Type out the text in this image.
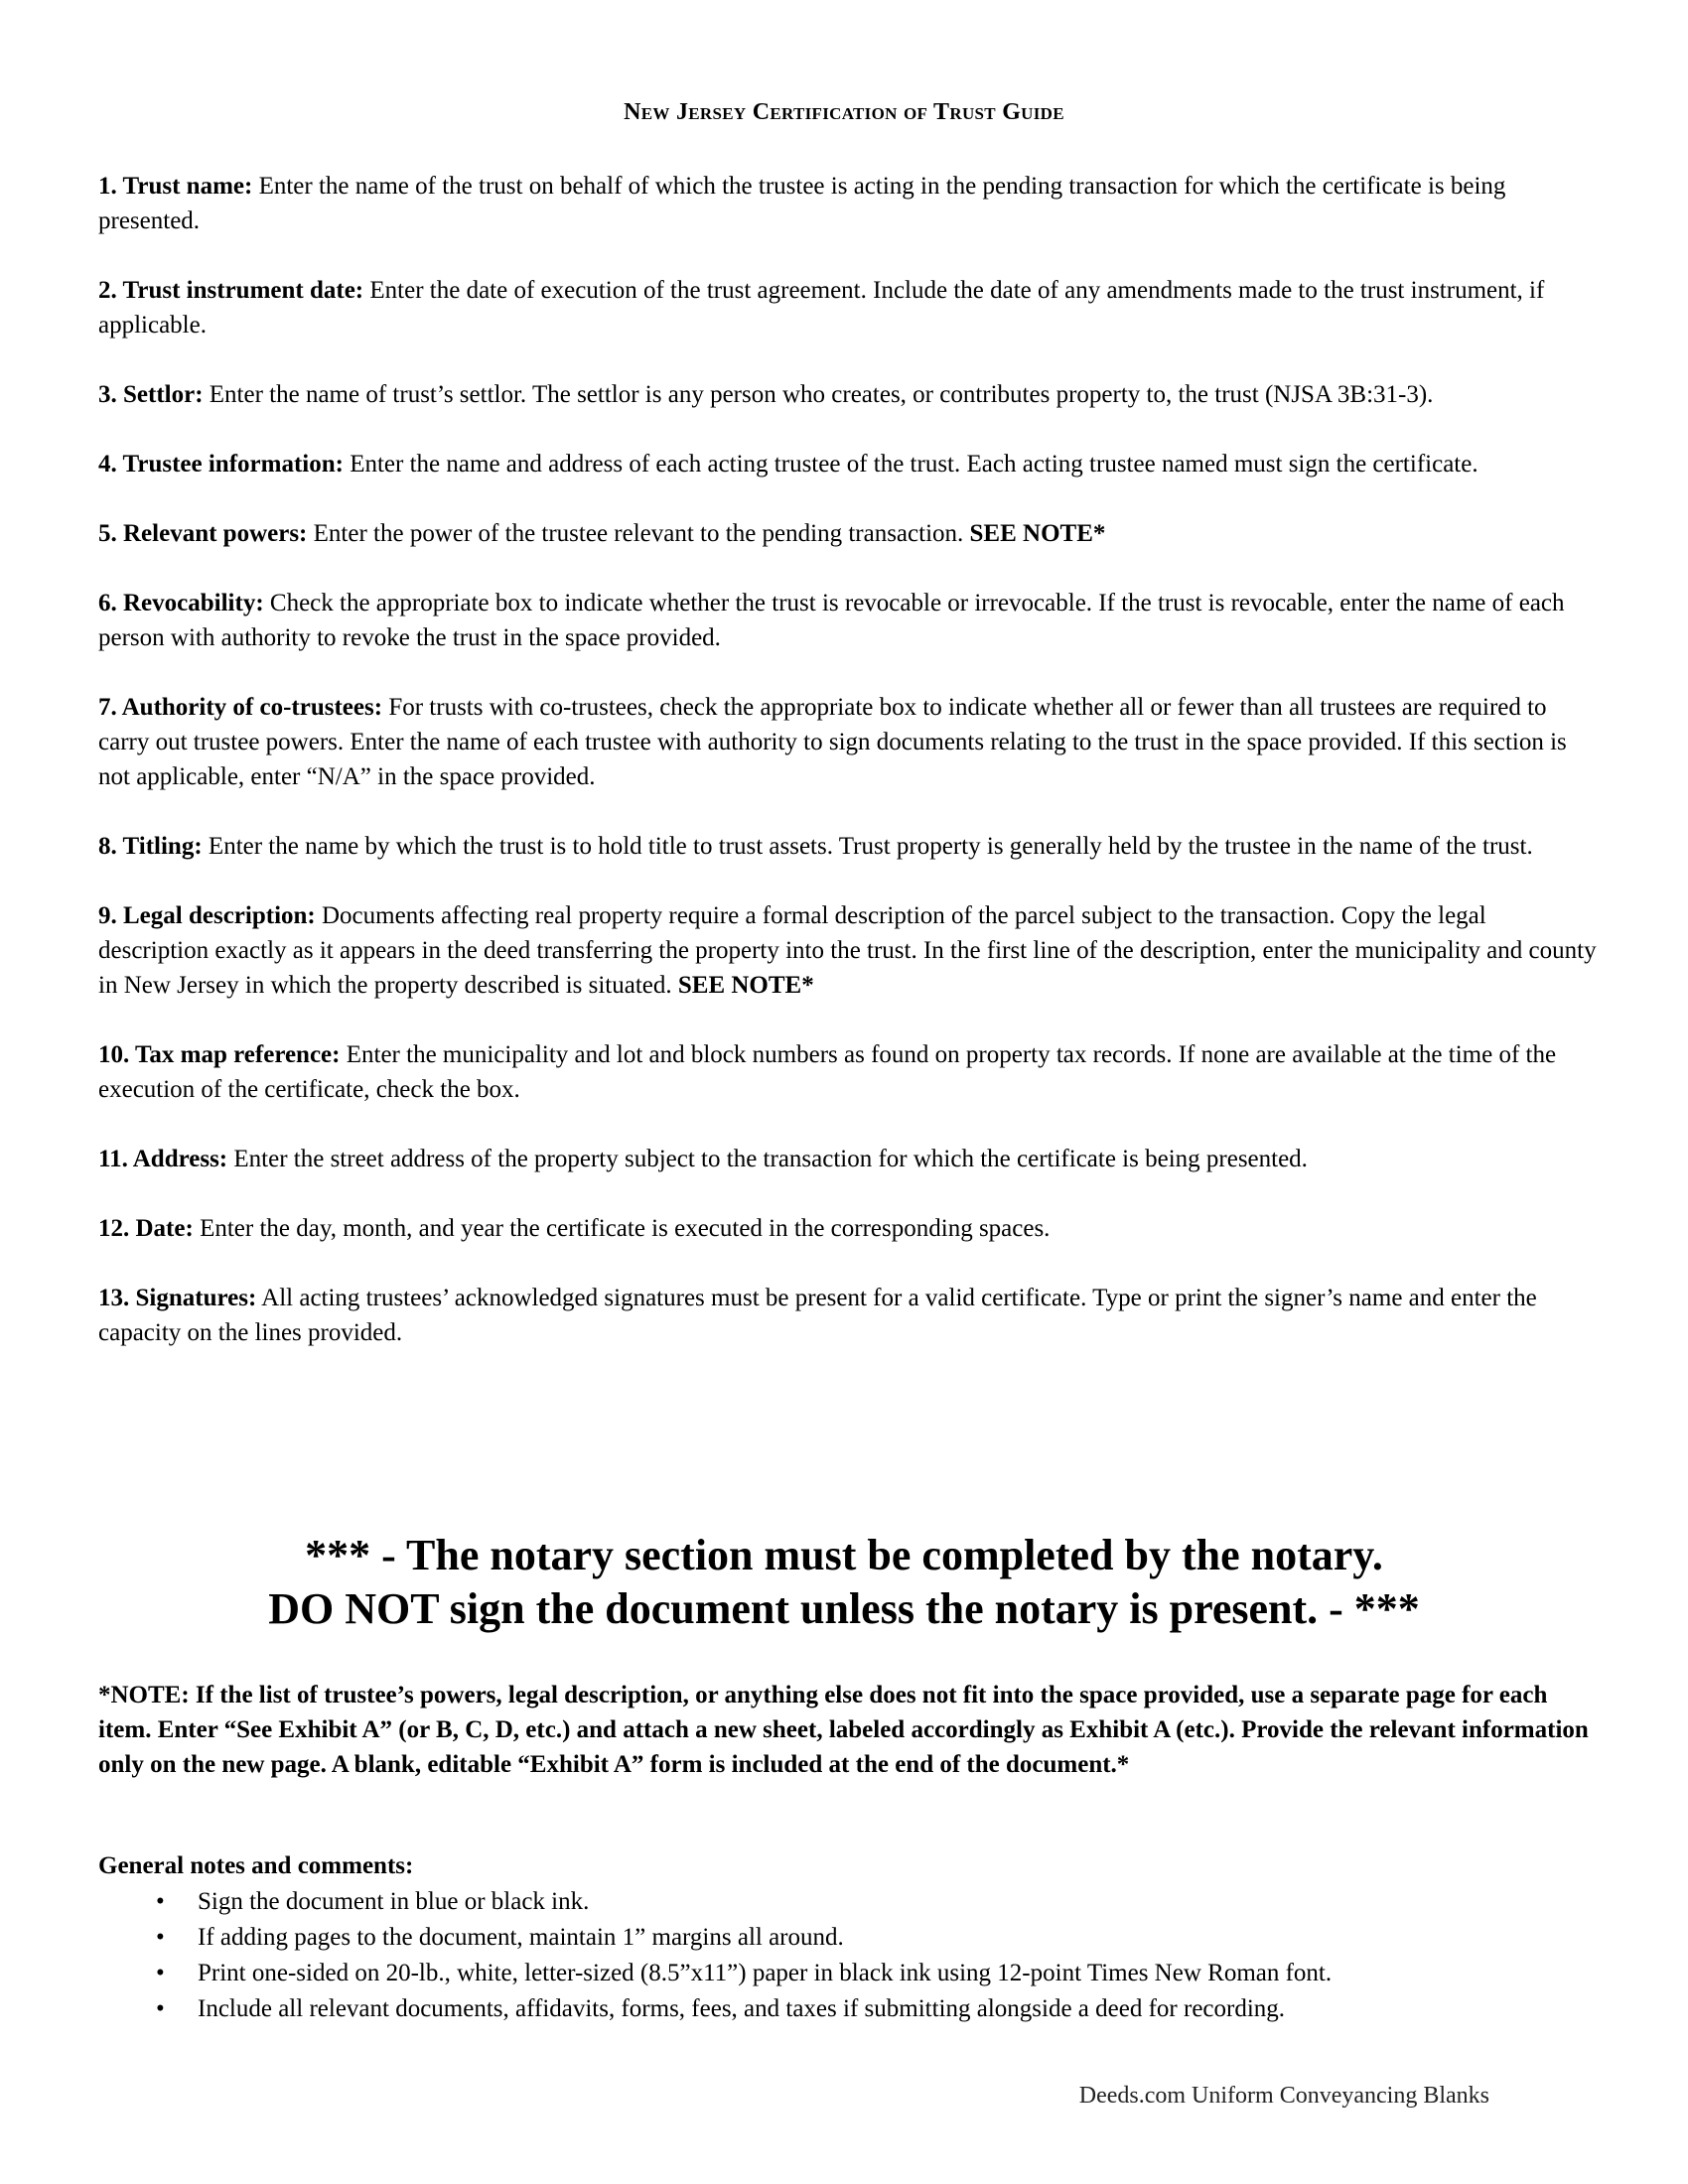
New Jersey Certification of Trust Guide
1. Trust name: Enter the name of the trust on behalf of which the trustee is acting in the pending transaction for which the certificate is being presented.
2. Trust instrument date: Enter the date of execution of the trust agreement. Include the date of any amendments made to the trust instrument, if applicable.
3. Settlor: Enter the name of trust’s settlor. The settlor is any person who creates, or contributes property to, the trust (NJSA 3B:31-3).
4. Trustee information: Enter the name and address of each acting trustee of the trust. Each acting trustee named must sign the certificate.
5. Relevant powers: Enter the power of the trustee relevant to the pending transaction. SEE NOTE*
6. Revocability: Check the appropriate box to indicate whether the trust is revocable or irrevocable. If the trust is revocable, enter the name of each person with authority to revoke the trust in the space provided.
7. Authority of co-trustees: For trusts with co-trustees, check the appropriate box to indicate whether all or fewer than all trustees are required to carry out trustee powers. Enter the name of each trustee with authority to sign documents relating to the trust in the space provided. If this section is not applicable, enter “N/A” in the space provided.
8. Titling: Enter the name by which the trust is to hold title to trust assets. Trust property is generally held by the trustee in the name of the trust.
9. Legal description: Documents affecting real property require a formal description of the parcel subject to the transaction. Copy the legal description exactly as it appears in the deed transferring the property into the trust. In the first line of the description, enter the municipality and county in New Jersey in which the property described is situated. SEE NOTE*
10. Tax map reference: Enter the municipality and lot and block numbers as found on property tax records. If none are available at the time of the execution of the certificate, check the box.
11. Address: Enter the street address of the property subject to the transaction for which the certificate is being presented.
12. Date: Enter the day, month, and year the certificate is executed in the corresponding spaces.
13. Signatures: All acting trustees’ acknowledged signatures must be present for a valid certificate. Type or print the signer’s name and enter the capacity on the lines provided.
*** - The notary section must be completed by the notary.
DO NOT sign the document unless the notary is present. - ***
*NOTE: If the list of trustee’s powers, legal description, or anything else does not fit into the space provided, use a separate page for each item. Enter “See Exhibit A” (or B, C, D, etc.) and attach a new sheet, labeled accordingly as Exhibit A (etc.). Provide the relevant information only on the new page. A blank, editable “Exhibit A” form is included at the end of the document.*
General notes and comments:
• Sign the document in blue or black ink.
• If adding pages to the document, maintain 1” margins all around.
• Print one-sided on 20-lb., white, letter-sized (8.5”x11”) paper in black ink using 12-point Times New Roman font.
• Include all relevant documents, affidavits, forms, fees, and taxes if submitting alongside a deed for recording.
Deeds.com Uniform Conveyancing Blanks
